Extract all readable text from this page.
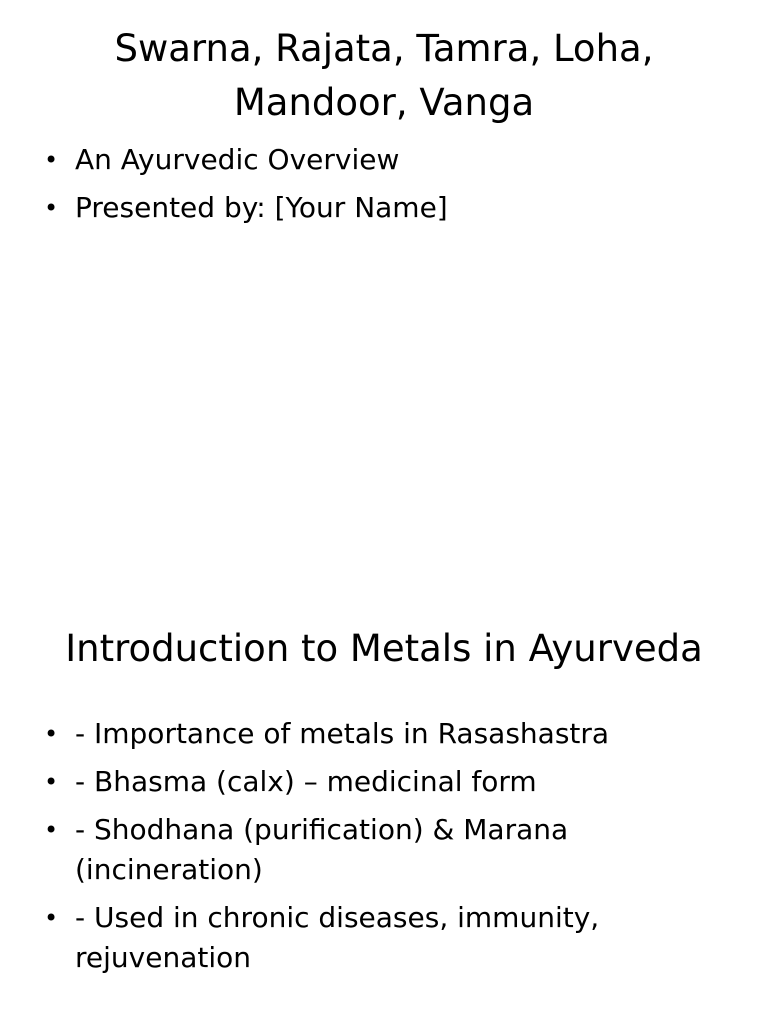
Swarna, Rajata, Tamra, Loha, Mandoor, Vanga
• An Ayurvedic Overview
• Presented by: [Your Name]
Introduction to Metals in Ayurveda
• - Importance of metals in Rasashastra
• - Bhasma (calx) – medicinal form
• - Shodhana (purification) & Marana (incineration)
• - Used in chronic diseases, immunity, rejuvenation
